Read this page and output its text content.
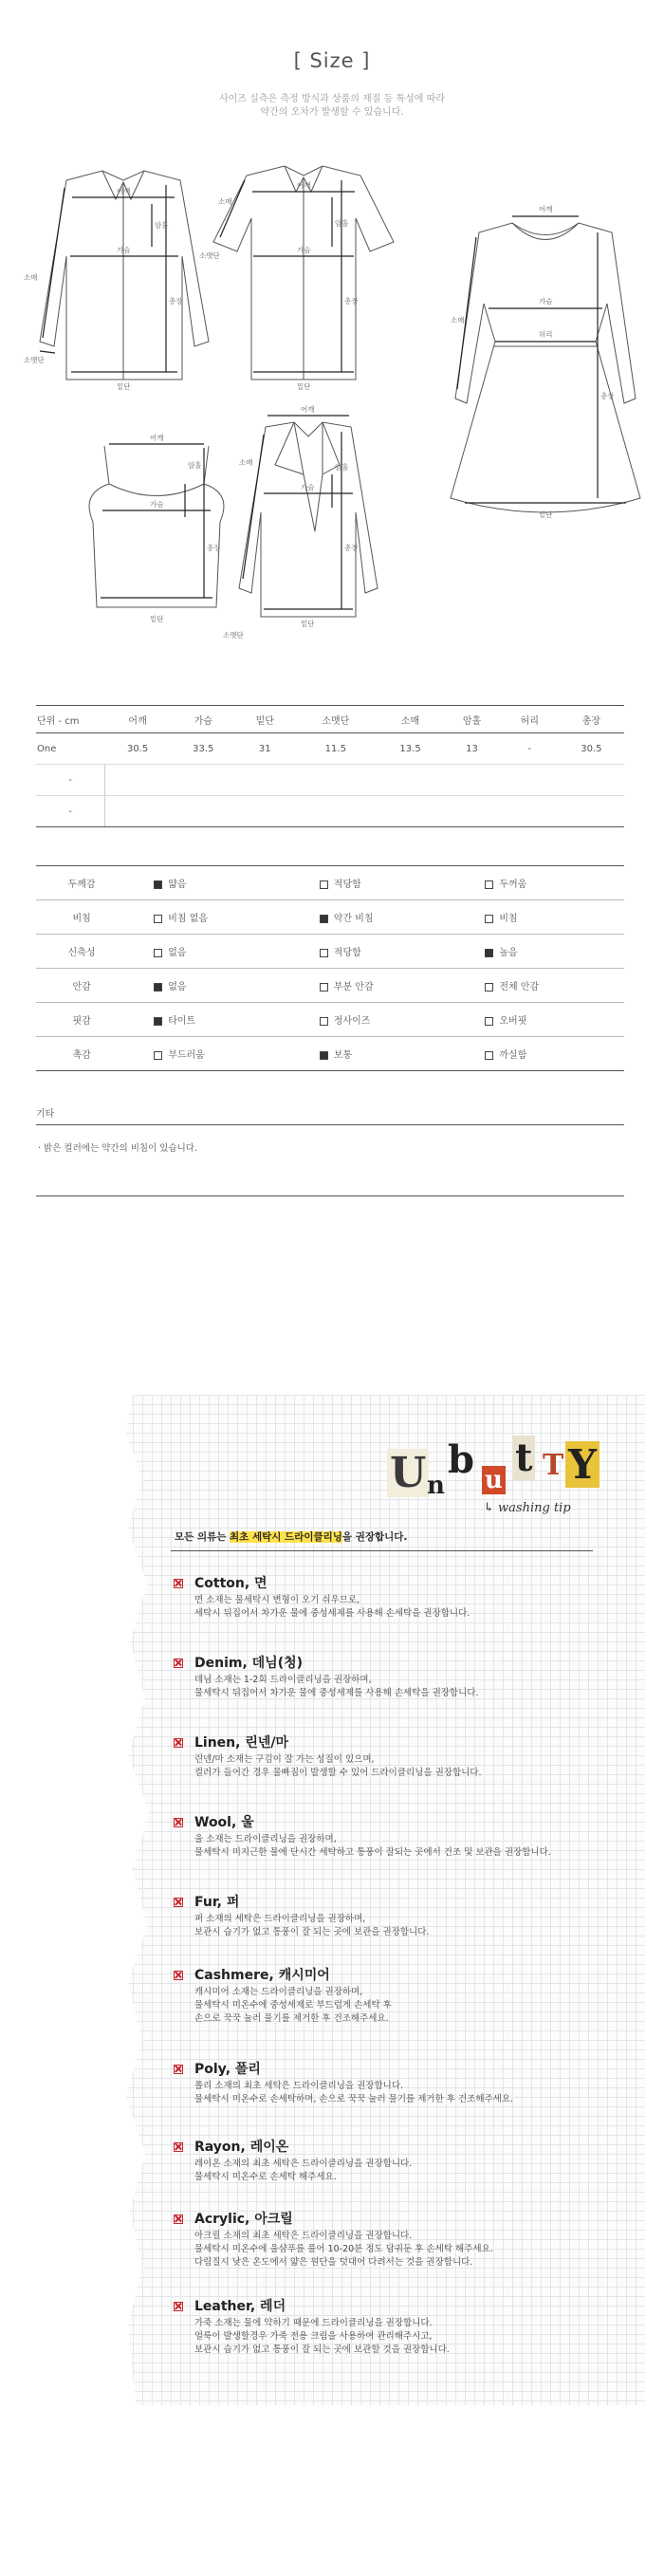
[ Size ]
사이즈 실측은 측정 방식과 상품의 재질 등 특성에 따라
약간의 오차가 발생할 수 있습니다.
어깨
가슴
밑단
소매
소맷단
암홀
총장
어깨
가슴
밑단
소매
소맷단
암홀
총장
어깨
가슴
허리
밑단
소매
총장
어깨
가슴
밑단
암홀
총장
어깨
가슴
밑단
소매
소맷단
암홀
총장
단위 - cm	어깨	가슴	밑단	소맷단	소매	암홀	허리	총장
One	30.5	33.5	31	11.5	13.5	13	-	30.5
-								
-								
두께감	얇음	적당함	두꺼움
비침	비침 없음	약간 비침	비침
신축성	없음	적당함	높음
안감	없음	부분 안감	전체 안감
핏감	타이트	정사이즈	오버핏
촉감	부드러움	보통	까실함
기타
· 밝은 컬러에는 약간의 비침이 있습니다.
U n
b u t T Y
↳ washing tip
모든 의류는 최초 세탁시 드라이클리닝을 권장합니다.
Cotton, 면
면 소재는 물세탁시 변형이 오기 쉬우므로,
세탁시 뒤집어서 차가운 물에 중성세제를 사용해 손세탁을 권장합니다.
Denim, 데님(청)
데님 소재는 1-2회 드라이클리닝을 권장하며,
물세탁시 뒤집어서 차가운 물에 중성세제를 사용해 손세탁을 권장합니다.
Linen, 린넨/마
린넨/마 소재는 구김이 잘 가는 성질이 있으며,
컬러가 들어간 경우 물빠짐이 발생할 수 있어 드라이클리닝을 권장합니다.
Wool, 울
울 소재는 드라이클리닝을 권장하며,
물세탁시 미지근한 물에 단시간 세탁하고 통풍이 잘되는 곳에서 건조 및 보관을 권장합니다.
Fur, 퍼
퍼 소재의 세탁은 드라이클리닝을 권장하며,
보관시 습기가 없고 통풍이 잘 되는 곳에 보관을 권장합니다.
Cashmere, 캐시미어
캐시미어 소재는 드라이클리닝을 권장하며,
물세탁시 미온수에 중성세제로 부드럽게 손세탁 후
손으로 꾹꾹 눌러 물기를 제거한 후 건조해주세요.
Poly, 폴리
폴리 소재의 최초 세탁은 드라이클리닝을 권장합니다.
물세탁시 미온수로 손세탁하며, 손으로 꾹꾹 눌러 물기를 제거한 후 건조해주세요.
Rayon, 레이온
레이온 소재의 최초 세탁은 드라이클리닝을 권장합니다.
물세탁시 미온수로 손세탁 해주세요.
Acrylic, 아크릴
아크릴 소재의 최초 세탁은 드라이클리닝을 권장합니다.
물세탁시 미온수에 울샴푸를 풀어 10-20분 정도 담궈둔 후 손세탁 해주세요.
다림질시 낮은 온도에서 얇은 원단을 덧대어 다려서는 것을 권장합니다.
Leather, 레더
가죽 소재는 물에 약하기 때문에 드라이클리닝을 권장합니다.
얼룩이 발생할경우 가죽 전용 크림을 사용하여 관리해주시고,
보관시 습기가 없고 통풍이 잘 되는 곳에 보관할 것을 권장합니다.
